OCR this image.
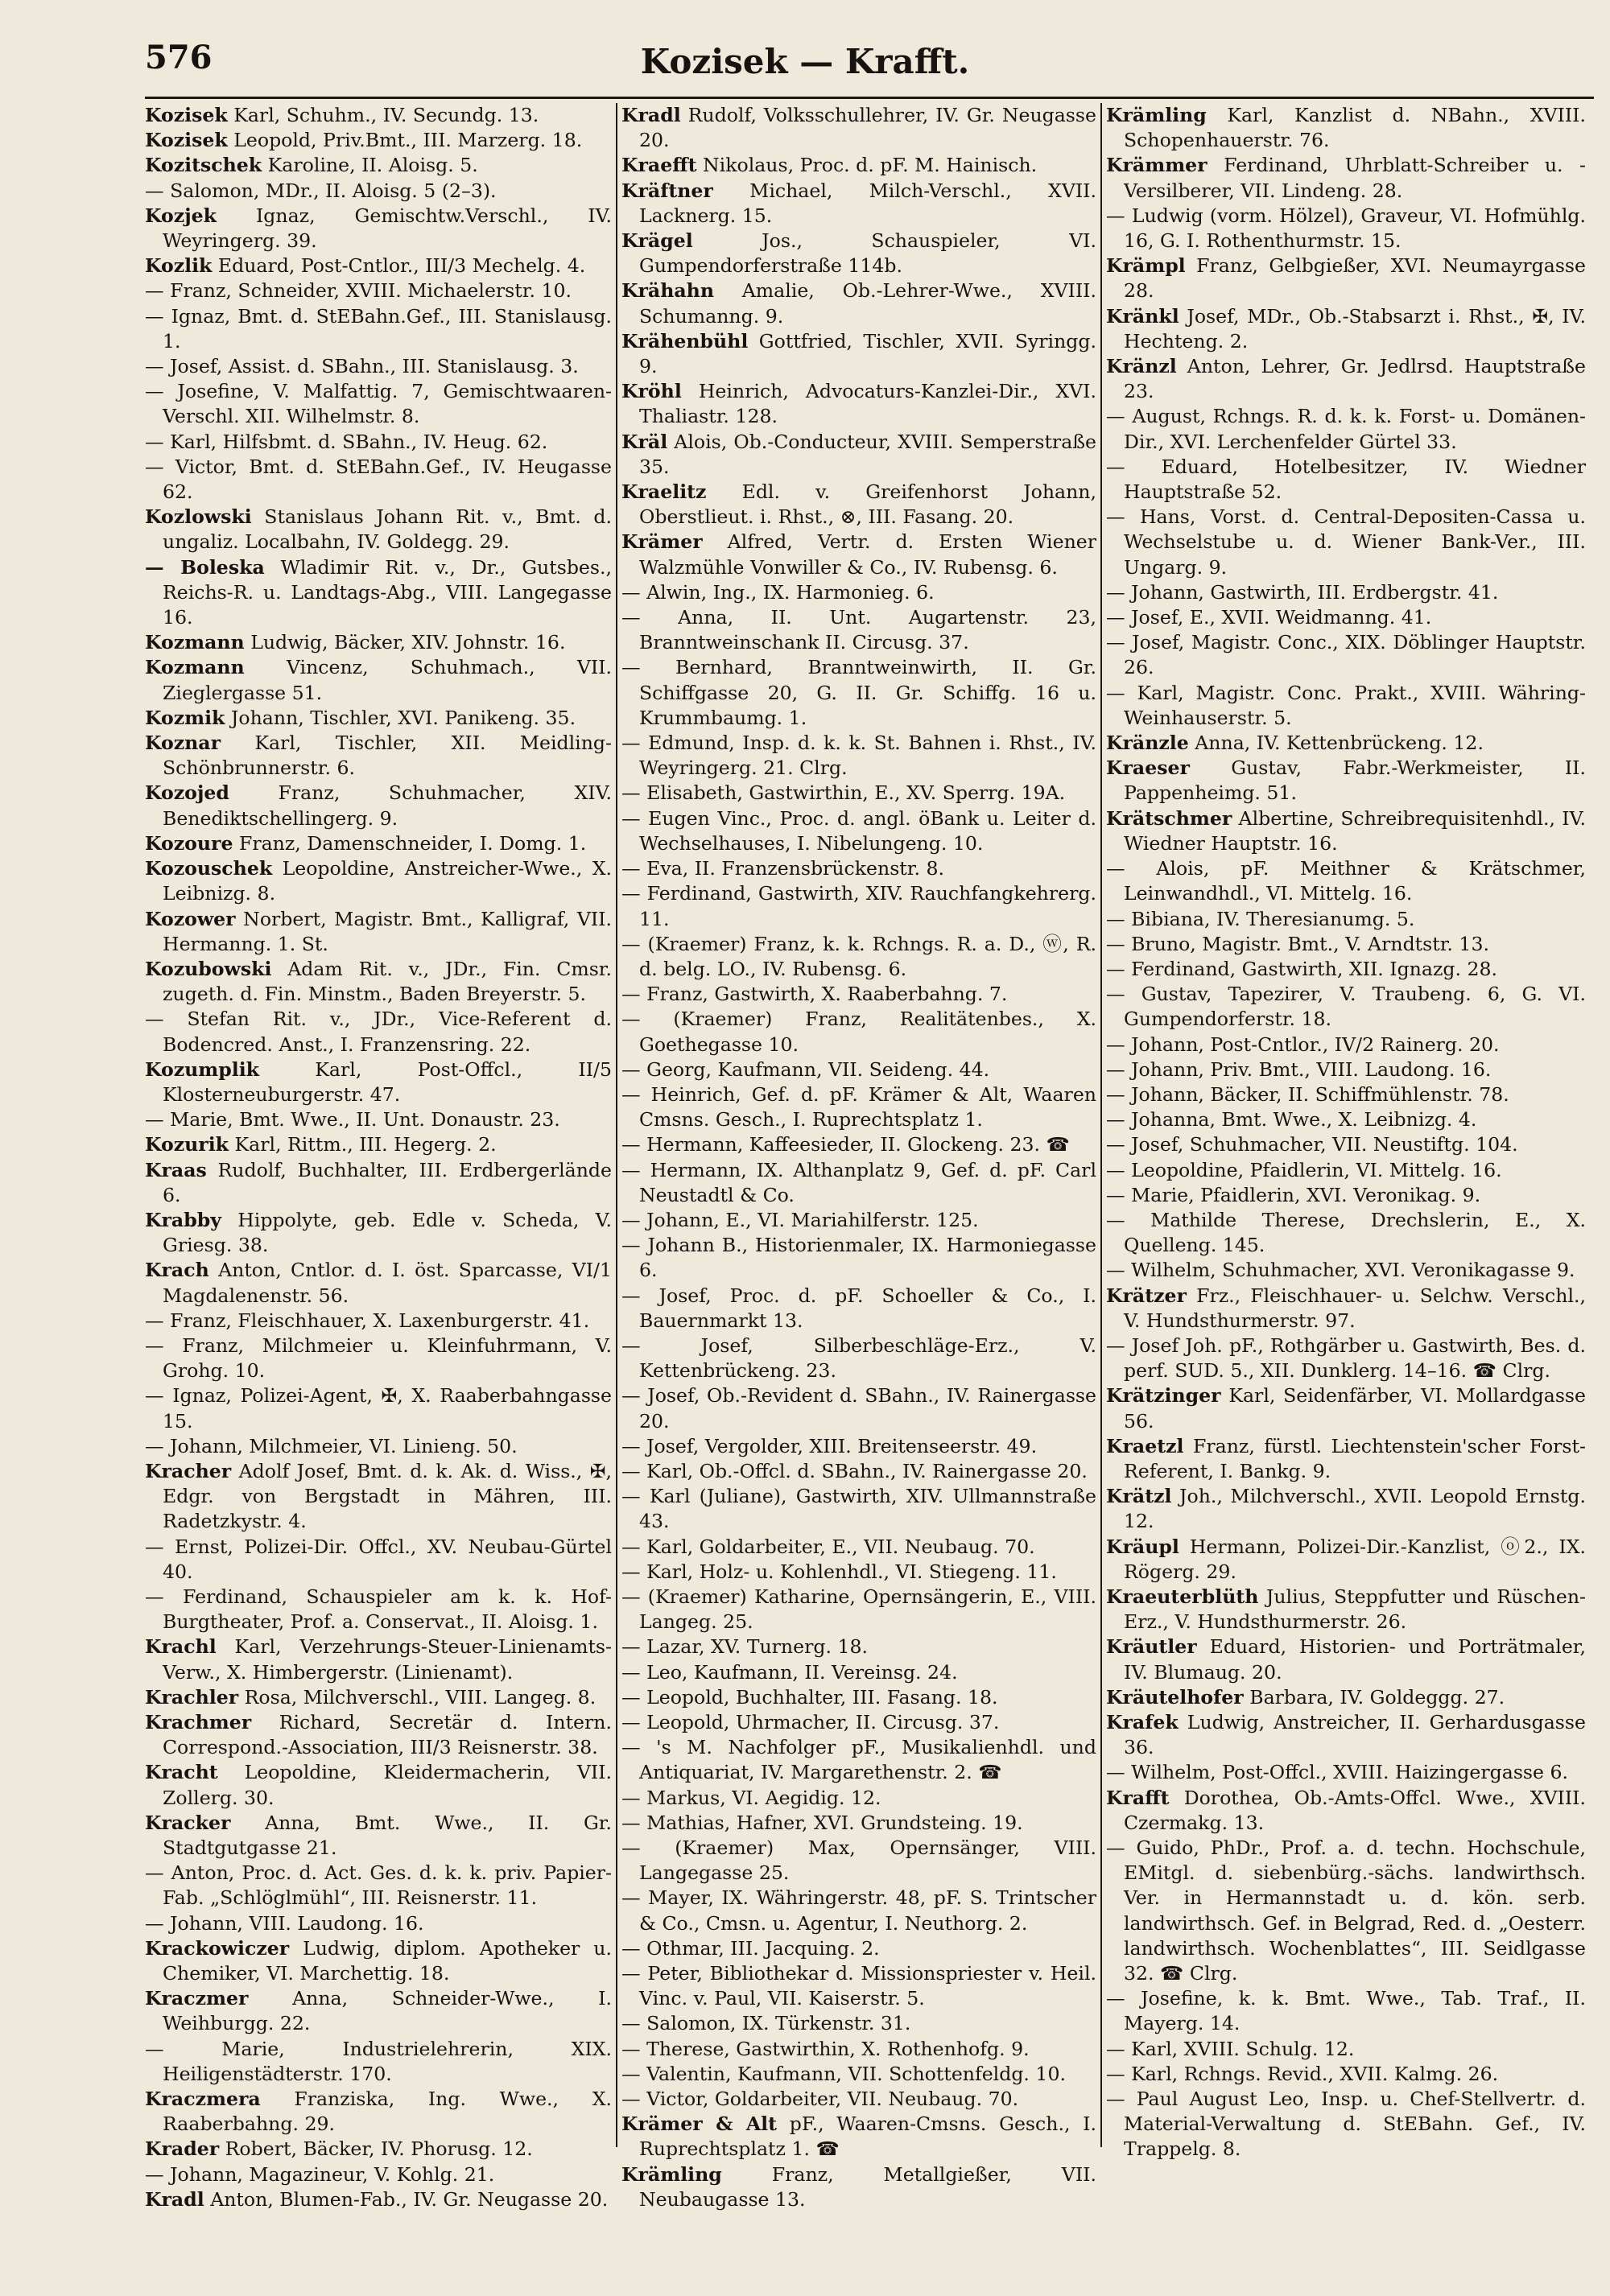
576	Kozisek — Krafft.
Kozisek Karl, Schuhm., IV. Secundg. 13.
Kozisek Leopold, Priv.Bmt., III. Marzerg. 18.
Kozitschek Karoline, II. Aloisg. 5.
— Salomon, MDr., II. Aloisg. 5 (2–3).
Kozjek Ignaz, Gemischtw.Verschl., IV. Weyringerg. 39.
Kozlik Eduard, Post-Cntlor., III/3 Mechelg. 4.
— Franz, Schneider, XVIII. Michaelerstr. 10.
— Ignaz, Bmt. d. StEBahn.Gef., III. Stanislausg. 1.
— Josef, Assist. d. SBahn., III. Stanislausg. 3.
— Josefine, V. Malfattig. 7, Gemischtwaaren-Verschl. XII. Wilhelmstr. 8.
— Karl, Hilfsbmt. d. SBahn., IV. Heug. 62.
— Victor, Bmt. d. StEBahn.Gef., IV. Heugasse 62.
Kozlowski Stanislaus Johann Rit. v., Bmt. d. ungaliz. Localbahn, IV. Goldegg. 29.
— Boleska Wladimir Rit. v., Dr., Gutsbes., Reichs-R. u. Landtags-Abg., VIII. Langegasse 16.
Kozmann Ludwig, Bäcker, XIV. Johnstr. 16.
Kozmann Vincenz, Schuhmach., VII. Zieglergasse 51.
Kozmik Johann, Tischler, XVI. Panikeng. 35.
Koznar Karl, Tischler, XII. Meidling-Schönbrunnerstr. 6.
Kozojed	Franz, Schuhmacher, XIV. Benediktschellingerg. 9.
Kozoure Franz, Damenschneider, I. Domg. 1.
Kozouschek Leopoldine, Anstreicher-Wwe., X. Leibnizg. 8.
Kozower Norbert, Magistr. Bmt., Kalligraf, VII. Hermanng. 1. St.
Kozubowski Adam Rit. v., JDr., Fin. Cmsr. zugeth. d. Fin. Minstm., Baden Breyerstr. 5.
— Stefan Rit. v., JDr., Vice-Referent d. Bodencred. Anst., I. Franzensring. 22.
Kozumplik	Karl, Post-Offcl., II/5 Klosterneuburgerstr. 47.
— Marie, Bmt. Wwe., II. Unt. Donaustr. 23.
Kozurik Karl, Rittm., III. Hegerg. 2.
Kraas Rudolf, Buchhalter, III. Erdbergerlände 6.
Krabby Hippolyte, geb. Edle v. Scheda, V. Griesg. 38.
Krach Anton, Cntlor. d. I. öst. Sparcasse, VI/1 Magdalenenstr. 56.
— Franz, Fleischhauer, X. Laxenburgerstr. 41.
— Franz, Milchmeier u. Kleinfuhrmann, V. Grohg. 10.
— Ignaz, Polizei-Agent, ✠, X. Raaberbahngasse 15.
— Johann, Milchmeier, VI. Linieng. 50.
Kracher Adolf Josef, Bmt. d. k. Ak. d. Wiss., ✠, Edgr. von Bergstadt in Mähren, III. Radetzkystr. 4.
— Ernst, Polizei-Dir. Offcl., XV. Neubau-Gürtel 40.
— Ferdinand, Schauspieler am k. k. Hof-Burgtheater, Prof. a. Conservat., II. Aloisg. 1.
Krachl Karl, Verzehrungs-Steuer-Linienamts-Verw., X. Himbergerstr. (Linienamt).
Krachler Rosa, Milchverschl., VIII. Langeg. 8.
Krachmer Richard, Secretär d. Intern. Correspond.-Association, III/3 Reisnerstr. 38.
Kracht Leopoldine, Kleidermacherin, VII. Zollerg. 30.
Kracker Anna, Bmt. Wwe., II. Gr. Stadtgutgasse 21.
— Anton, Proc. d. Act. Ges. d. k. k. priv. Papier-Fab. „Schlöglmühl“, III. Reisnerstr. 11.
— Johann, VIII. Laudong. 16.
Krackowiczer Ludwig, diplom. Apotheker u. Chemiker, VI. Marchettig. 18.
Kraczmer Anna, Schneider-Wwe., I. Weihburgg. 22.
— Marie, Industrielehrerin, XIX. Heiligenstädterstr. 170.
Kraczmera Franziska, Ing. Wwe., X. Raaberbahng. 29.
Krader Robert, Bäcker, IV. Phorusg. 12.
— Johann, Magazineur, V. Kohlg. 21.
Kradl Anton, Blumen-Fab., IV. Gr. Neugasse 20.
Kradl Rudolf, Volksschullehrer, IV. Gr. Neugasse 20.
Kraefft Nikolaus, Proc. d. pF. M. Hainisch.
Kräftner Michael, Milch-Verschl., XVII. Lacknerg. 15.
Krägel	Jos., Schauspieler, VI. Gumpendorferstraße 114b.
Krähahn Amalie, Ob.-Lehrer-Wwe., XVIII. Schumanng. 9.
Krähenbühl Gottfried, Tischler, XVII. Syringg. 9.
Kröhl Heinrich, Advocaturs-Kanzlei-Dir., XVI. Thaliastr. 128.
Kräl Alois, Ob.-Conducteur, XVIII. Semperstraße 35.
Kraelitz Edl. v. Greifenhorst Johann, Oberstlieut. i. Rhst., ⊗, III. Fasang. 20.
Krämer Alfred, Vertr. d. Ersten Wiener Walzmühle Vonwiller & Co., IV. Rubensg. 6.
— Alwin, Ing., IX. Harmonieg. 6.
— Anna, II. Unt. Augartenstr. 23, Branntweinschank II. Circusg. 37.
— Bernhard, Branntweinwirth, II. Gr. Schiffgasse 20, G. II. Gr. Schiffg. 16 u. Krummbaumg. 1.
— Edmund, Insp. d. k. k. St. Bahnen i. Rhst., IV. Weyringerg. 21. Clrg.
— Elisabeth, Gastwirthin, E., XV. Sperrg. 19A.
— Eugen Vinc., Proc. d. angl. öBank u. Leiter d. Wechselhauses, I. Nibelungeng. 10.
— Eva, II. Franzensbrückenstr. 8.
— Ferdinand, Gastwirth, XIV. Rauchfangkehrerg. 11.
— (Kraemer) Franz, k. k. Rchngs. R. a. D., ⓦ, R. d. belg. LO., IV. Rubensg. 6.
— Franz, Gastwirth, X. Raaberbahng. 7.
— (Kraemer) Franz, Realitätenbes., X. Goethegasse 10.
— Georg, Kaufmann, VII. Seideng. 44.
— Heinrich, Gef. d. pF. Krämer & Alt, Waaren Cmsns. Gesch., I. Ruprechtsplatz 1.
— Hermann, Kaffeesieder, II. Glockeng. 23. ☎
— Hermann, IX. Althanplatz 9, Gef. d. pF. Carl Neustadtl & Co.
— Johann, E., VI. Mariahilferstr. 125.
— Johann B., Historienmaler, IX. Harmoniegasse 6.
— Josef, Proc. d. pF. Schoeller & Co., I. Bauernmarkt 13.
— Josef, Silberbeschläge-Erz., V. Kettenbrückeng. 23.
— Josef, Ob.-Revident d. SBahn., IV. Rainergasse 20.
— Josef, Vergolder, XIII. Breitenseerstr. 49.
— Karl, Ob.-Offcl. d. SBahn., IV. Rainergasse 20.
— Karl (Juliane), Gastwirth, XIV. Ullmannstraße 43.
— Karl, Goldarbeiter, E., VII. Neubaug. 70.
— Karl, Holz- u. Kohlenhdl., VI. Stiegeng. 11.
— (Kraemer) Katharine, Opernsängerin, E., VIII. Langeg. 25.
— Lazar, XV. Turnerg. 18.
— Leo, Kaufmann, II. Vereinsg. 24.
— Leopold, Buchhalter, III. Fasang. 18.
— Leopold, Uhrmacher, II. Circusg. 37.
— 's M. Nachfolger pF., Musikalienhdl. und Antiquariat, IV. Margarethenstr. 2. ☎
— Markus, VI. Aegidig. 12.
— Mathias, Hafner, XVI. Grundsteing. 19.
— (Kraemer) Max, Opernsänger, VIII. Langegasse 25.
— Mayer, IX. Währingerstr. 48, pF. S. Trintscher & Co., Cmsn. u. Agentur, I. Neuthorg. 2.
— Othmar, III. Jacquing. 2.
— Peter, Bibliothekar d. Missionspriester v. Heil. Vinc. v. Paul, VII. Kaiserstr. 5.
— Salomon, IX. Türkenstr. 31.
— Therese, Gastwirthin, X. Rothenhofg. 9.
— Valentin, Kaufmann, VII. Schottenfeldg. 10.
— Victor, Goldarbeiter, VII. Neubaug. 70.
Krämer & Alt pF., Waaren-Cmsns. Gesch., I. Ruprechtsplatz 1. ☎
Krämling	Franz, Metallgießer, VII. Neubaugasse 13.
Krämling Karl, Kanzlist d. NBahn., XVIII. Schopenhauerstr. 76.
Krämmer Ferdinand, Uhrblatt-Schreiber u. -Versilberer, VII. Lindeng. 28.
— Ludwig (vorm. Hölzel), Graveur, VI. Hofmühlg. 16, G. I. Rothenthurmstr. 15.
Krämpl Franz, Gelbgießer, XVI. Neumayrgasse 28.
Kränkl Josef, MDr., Ob.-Stabsarzt i. Rhst., ✠, IV. Hechteng. 2.
Kränzl Anton, Lehrer, Gr. Jedlrsd. Hauptstraße 23.
— August, Rchngs. R. d. k. k. Forst- u. Domänen-Dir., XVI. Lerchenfelder Gürtel 33.
— Eduard, Hotelbesitzer, IV. Wiedner Hauptstraße 52.
— Hans, Vorst. d. Central-Depositen-Cassa u. Wechselstube u. d. Wiener Bank-Ver., III. Ungarg. 9.
— Johann, Gastwirth, III. Erdbergstr. 41.
— Josef, E., XVII. Weidmanng. 41.
— Josef, Magistr. Conc., XIX. Döblinger Hauptstr. 26.
— Karl, Magistr. Conc. Prakt., XVIII. Währing-Weinhauserstr. 5.
Kränzle Anna, IV. Kettenbrückeng. 12.
Kraeser Gustav, Fabr.-Werkmeister, II. Pappenheimg. 51.
Krätschmer Albertine, Schreibrequisitenhdl., IV. Wiedner Hauptstr. 16.
— Alois, pF. Meithner & Krätschmer, Leinwandhdl., VI. Mittelg. 16.
— Bibiana, IV. Theresianumg. 5.
— Bruno, Magistr. Bmt., V. Arndtstr. 13.
— Ferdinand, Gastwirth, XII. Ignazg. 28.
— Gustav, Tapezirer, V. Traubeng. 6, G. VI. Gumpendorferstr. 18.
— Johann, Post-Cntlor., IV/2 Rainerg. 20.
— Johann, Priv. Bmt., VIII. Laudong. 16.
— Johann, Bäcker, II. Schiffmühlenstr. 78.
— Johanna, Bmt. Wwe., X. Leibnizg. 4.
— Josef, Schuhmacher, VII. Neustiftg. 104.
— Leopoldine, Pfaidlerin, VI. Mittelg. 16.
— Marie, Pfaidlerin, XVI. Veronikag. 9.
— Mathilde Therese, Drechslerin, E., X. Quelleng. 145.
— Wilhelm, Schuhmacher, XVI. Veronikagasse 9.
Krätzer Frz., Fleischhauer- u. Selchw. Verschl., V. Hundsthurmerstr. 97.
— Josef Joh. pF., Rothgärber u. Gastwirth, Bes. d. perf. SUD. 5., XII. Dunklerg. 14–16. ☎ Clrg.
Krätzinger Karl, Seidenfärber, VI. Mollardgasse 56.
Kraetzl Franz, fürstl. Liechtenstein'scher Forst-Referent, I. Bankg. 9.
Krätzl Joh., Milchverschl., XVII. Leopold Ernstg. 12.
Kräupl Hermann, Polizei-Dir.-Kanzlist, ⓞ2., IX. Rögerg. 29.
Kraeuterblüth Julius, Steppfutter und Rüschen-Erz., V. Hundsthurmerstr. 26.
Kräutler Eduard, Historien- und Porträtmaler, IV. Blumaug. 20.
Kräutelhofer Barbara, IV. Goldeggg. 27.
Krafek Ludwig, Anstreicher, II. Gerhardusgasse 36.
— Wilhelm, Post-Offcl., XVIII. Haizingergasse 6.
Krafft Dorothea, Ob.-Amts-Offcl. Wwe., XVIII. Czermakg. 13.
— Guido, PhDr., Prof. a. d. techn. Hochschule, EMitgl. d. siebenbürg.-sächs. landwirthsch. Ver. in Hermannstadt u. d. kön. serb. landwirthsch. Gef. in Belgrad, Red. d. „Oesterr. landwirthsch. Wochenblattes“, III. Seidlgasse 32. ☎ Clrg.
— Josefine, k. k. Bmt. Wwe., Tab. Traf., II. Mayerg. 14.
— Karl, XVIII. Schulg. 12.
— Karl, Rchngs. Revid., XVII. Kalmg. 26.
— Paul August Leo, Insp. u. Chef-Stellvertr. d. Material-Verwaltung d. StEBahn. Gef., IV. Trappelg. 8.
